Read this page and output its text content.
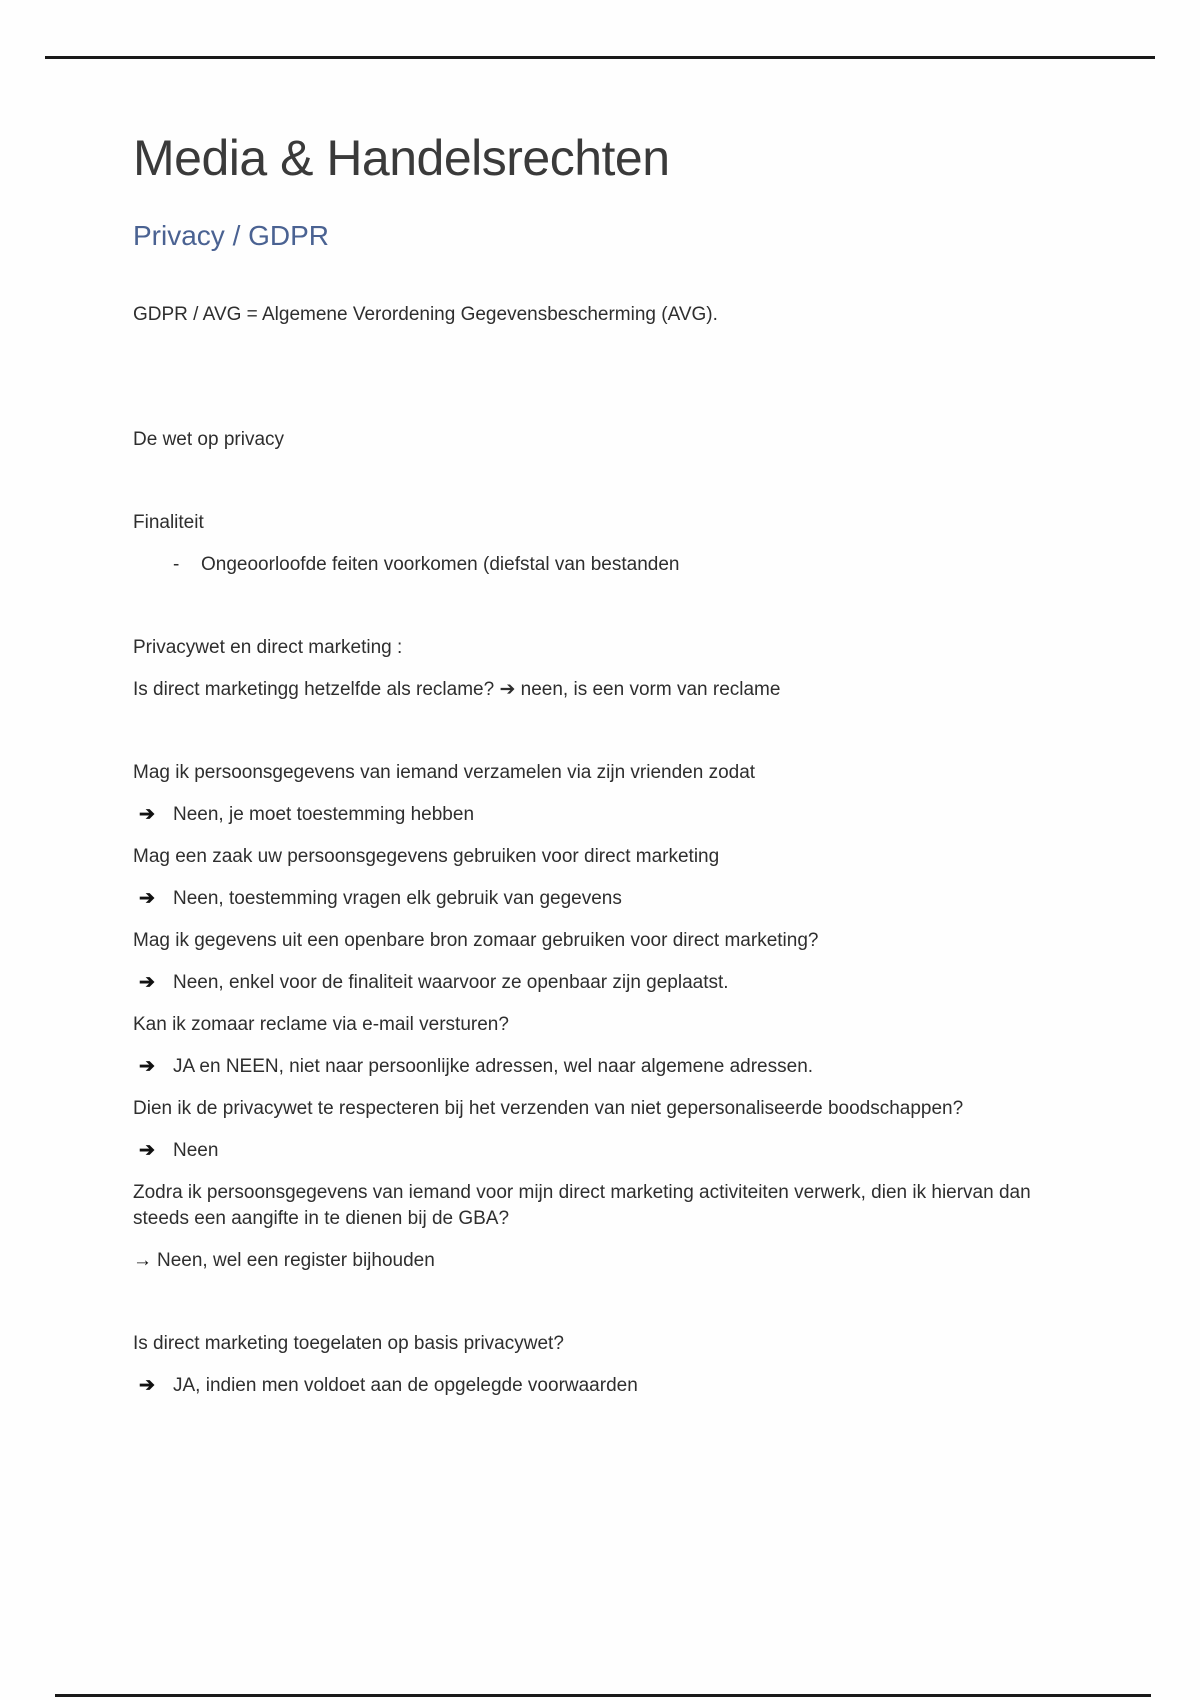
Media & Handelsrechten
Privacy / GDPR
GDPR / AVG = Algemene Verordening Gegevensbescherming (AVG).
De wet op privacy
Finaliteit
- Ongeoorloofde feiten voorkomen (diefstal van bestanden
Privacywet en direct marketing :
Is direct marketingg hetzelfde als reclame? ➔ neen, is een vorm van reclame
Mag ik persoonsgegevens van iemand verzamelen via zijn vrienden zodat
➔ Neen, je moet toestemming hebben
Mag een zaak uw persoonsgegevens gebruiken voor direct marketing
➔ Neen, toestemming vragen elk gebruik van gegevens
Mag ik gegevens uit een openbare bron zomaar gebruiken voor direct marketing?
➔ Neen, enkel voor de finaliteit waarvoor ze openbaar zijn geplaatst.
Kan ik zomaar reclame via e-mail versturen?
➔ JA en NEEN, niet naar persoonlijke adressen, wel naar algemene adressen.
Dien ik de privacywet te respecteren bij het verzenden van niet gepersonaliseerde boodschappen?
➔ Neen
Zodra ik persoonsgegevens van iemand voor mijn direct marketing activiteiten verwerk, dien ik hiervan dan steeds een aangifte in te dienen bij de GBA?
→ Neen, wel een register bijhouden
Is direct marketing toegelaten op basis privacywet?
➔ JA, indien men voldoet aan de opgelegde voorwaarden
